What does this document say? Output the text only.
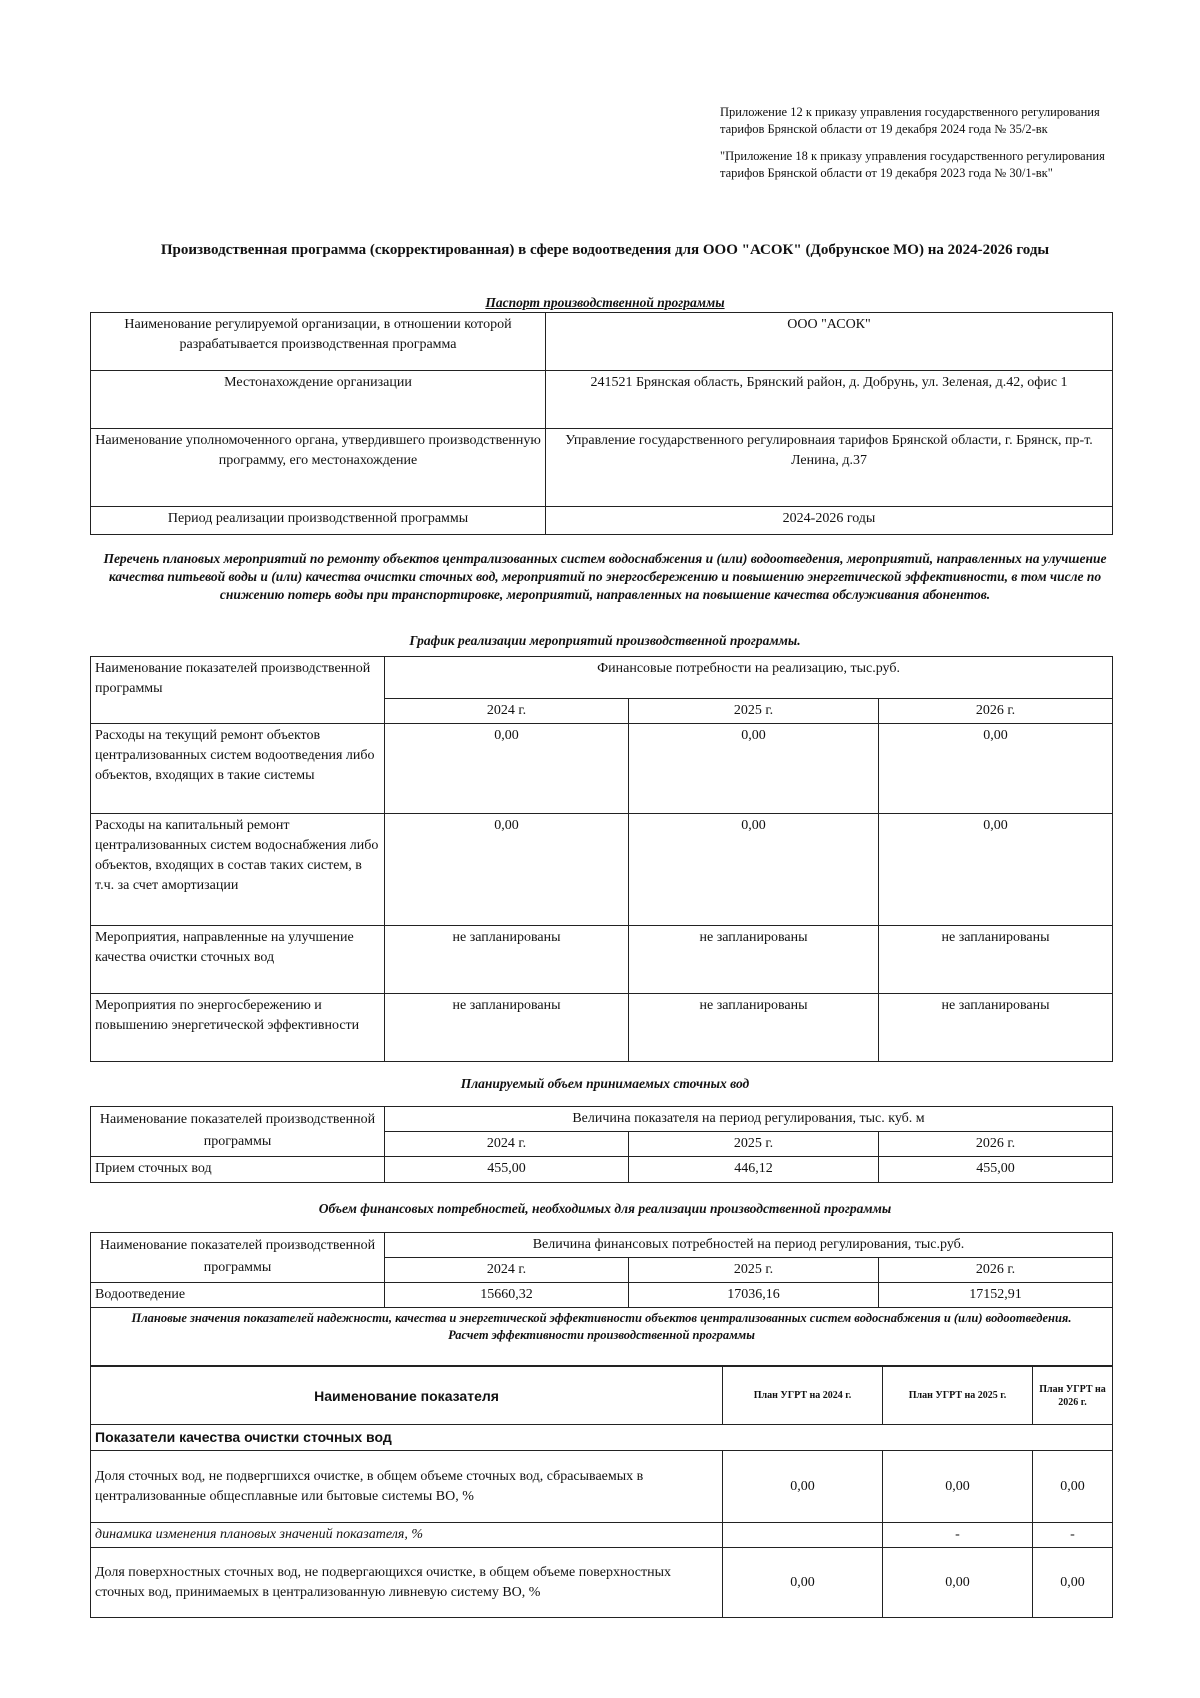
Приложение 12 к приказу управления государственного регулирования тарифов Брянской области от 19 декабря 2024 года № 35/2-вк

"Приложение 18 к приказу управления государственного регулирования тарифов Брянской области от 19 декабря 2023 года № 30/1-вк"

Производственная программа (скорректированная) в сфере водоотведения для ООО "АСОК" (Добрунское МО) на 2024-2026 годы
Паспорт производственной программы
Наименование регулируемой организации, в отношении которой разрабатывается производственная программа	ООО "АСОК"
Местонахождение организации	241521 Брянская область, Брянский район, д. Добрунь, ул. Зеленая, д.42, офис 1
Наименование уполномоченного органа, утвердившего производственную программу, его местонахождение	Управление государственного регулировнаия тарифов Брянской области, г. Брянск, пр-т. Ленина, д.37
Период реализации производственной программы	2024-2026 годы
Перечень плановых мероприятий по ремонту объектов централизованных систем водоснабжения и (или) водоотведения, мероприятий, направленных на улучшение качества питьевой воды и (или) качества очистки сточных вод, мероприятий по энергосбережению и повышению энергетической эффективности, в том числе по снижению потерь воды при транспортировке, мероприятий, направленных на повышение качества обслуживания абонентов.
График реализации мероприятий производственной программы.
Наименование показателей производственной программы	Финансовые потребности на реализацию, тыс.руб.		
	2024 г.	2025 г.	2026 г.
Расходы на текущий ремонт объектов централизованных систем водоотведения либо объектов, входящих в такие системы	0,00	0,00	0,00
Расходы на капитальный ремонт централизованных систем водоснабжения либо объектов, входящих в состав таких систем, в т.ч. за счет амортизации	0,00	0,00	0,00
Мероприятия, направленные на улучшение качества очистки сточных вод	не запланированы	не запланированы	не запланированы
Мероприятия по энергосбережению и повышению энергетической эффективности	не запланированы	не запланированы	не запланированы
Планируемый объем принимаемых сточных вод
Наименование показателей производственной программы	Величина показателя на период регулирования, тыс. куб. м		
	2024 г.	2025 г.	2026 г.
Прием сточных вод	455,00	446,12	455,00
Объем финансовых потребностей, необходимых для реализации производственной программы
Наименование показателей производственной программы	Величина финансовых потребностей на период регулирования, тыс.руб.		
	2024 г.	2025 г.	2026 г.
Водоотведение	15660,32	17036,16	17152,91

Плановые значения показателей надежности, качества и энергетической эффективности объектов централизованных систем водоснабжения и (или) водоотведения.
Расчет эффективности производственной программы			
Наименование показателя	План УГРТ на 2024 г.	План УГРТ на 2025 г.	План УГРТ на 2026 г.
Показатели качества очистки сточных вод			
Доля сточных вод, не подвергшихся очистке, в общем объеме сточных вод, сбрасываемых в централизованные общесплавные или бытовые системы ВО, %	0,00	0,00	0,00
динамика изменения плановых значений показателя, %		-	-
Доля поверхностных сточных вод, не подвергающихся очистке, в общем объеме поверхностных сточных вод, принимаемых в централизованную ливневую систему ВО, %	0,00	0,00	0,00
